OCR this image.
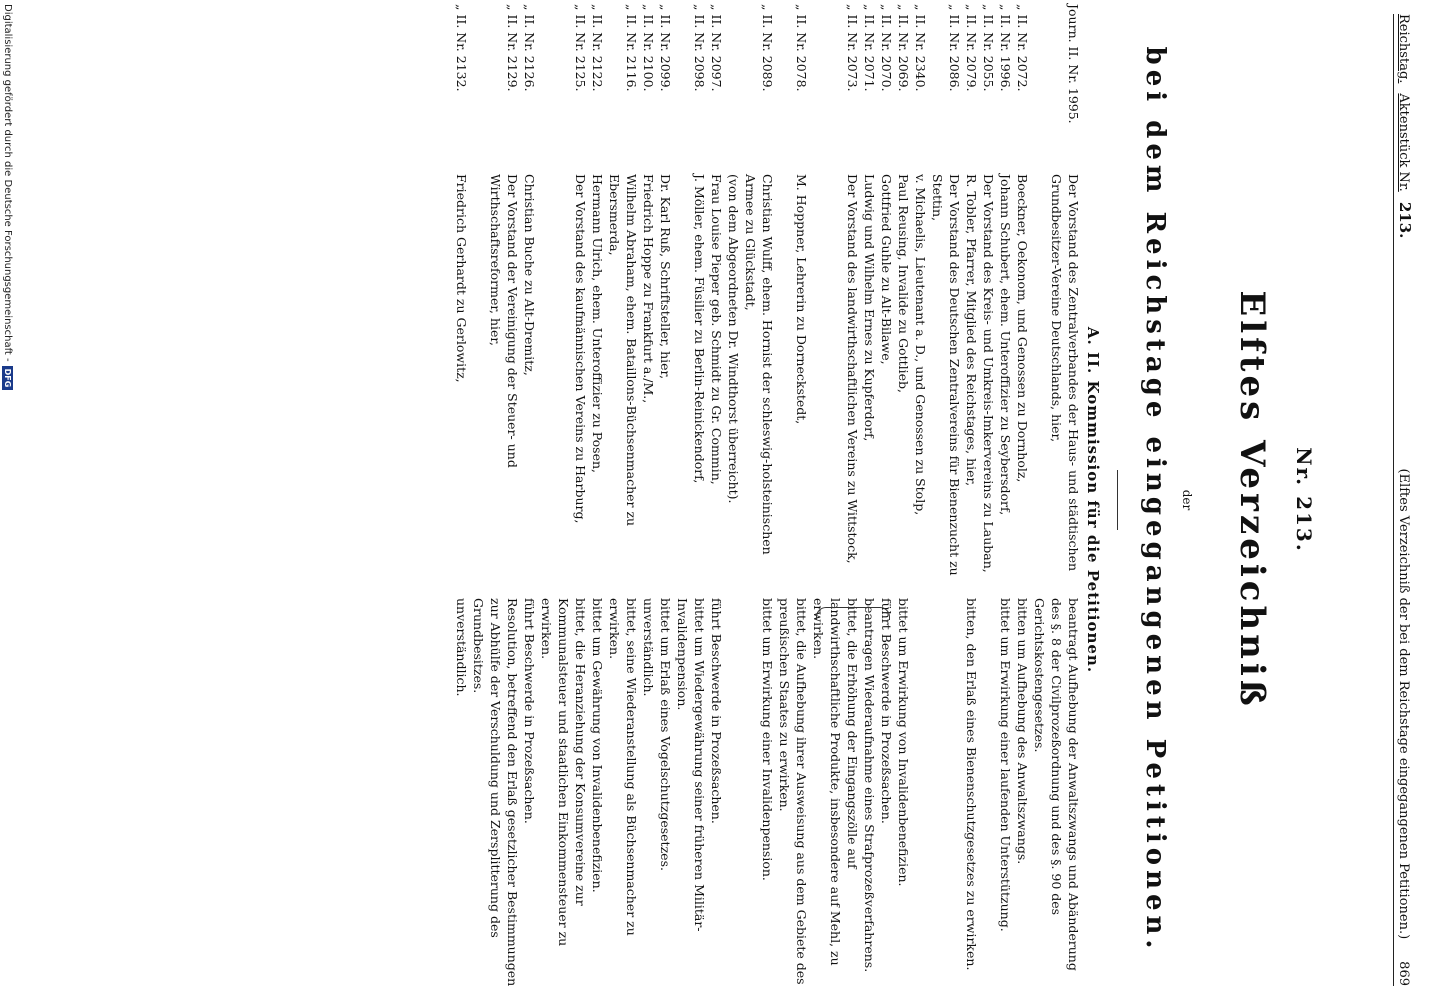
Reichstag.
Aktenstück Nr.
213.
(Elftes Verzeichniß der bei dem Reichstage eingegangenen Petitionen.)
869
Nr. 213.
Elftes Verzeichniß
der
bei dem Reichstage eingegangenen Petitionen.
A. II. Kommission für die Petitionen.
Journ. II. Nr. 1995.
Der Vorstand des Zentralverbandes der Haus- und städtischen Grundbesitzer-Vereine Deutschlands, hier,
beantragt Aufhebung der Anwaltszwangs und Abänderung des §. 8 der Civilprozeßordnung und des §. 90 des Gerichtskostengesetzes.
„ II. Nr. 2072.
Boeckner, Oekonom, und Genossen zu Dornholz,
bitten um Aufhebung des Anwaltszwangs.
„ II. Nr. 1996.
Johann Schubert, ehem. Unteroffizier zu Seybersdorf,
bittet um Erwirkung einer laufenden Unterstützung.
„ II. Nr. 2055.
Der Vorstand des Kreis- und Umkreis-Imkervereins zu Lauban,
„ II. Nr. 2079.
R. Tobler, Pfarrer, Mitglied des Reichstages, hier,
bitten, den Erlaß eines Bienenschutzgesetzes zu erwirken.
„ II. Nr. 2086.
Der Vorstand des Deutschen Zentralvereins für Bienenzucht zu Stettin,
„ II. Nr. 2340.
v. Michaelis, Lieutenant a. D., und Genossen zu Stolp,
„ II. Nr. 2069.
Paul Reusing, Invalide zu Gottlieb,
bittet um Erwirkung von Invalidenbenefizien.
„ II. Nr. 2070.
Gottfried Guhle zu Alt-Bilawe,
führt Beschwerde in Prozeßsachen.
„ II. Nr. 2071.
Ludwig und Wilhelm Ernes zu Kupferdorf,
beantragen Wiederaufnahme eines Strafprozeßverfahrens.
„ II. Nr. 2073.
Der Vorstand des landwirthschaftlichen Vereins zu Wittstock,
bittet, die Erhöhung der Eingangszölle auf landwirthschaftliche Produkte, insbesondere auf Mehl, zu erwirken.
„ II. Nr. 2078.
M. Hoppner, Lehrerin zu Dorneckstedt,
bittet, die Aufhebung ihrer Ausweisung aus dem Gebiete des preußischen Staates zu erwirken.
„ II. Nr. 2089.
Christian Wulff, ehem. Hornist der schleswig-holsteinischen Armee zu Glückstadt,
bittet um Erwirkung einer Invalidenpension.
(von dem Abgeordneten Dr. Windthorst überreicht).
„ II. Nr. 2097.
Frau Louise Pieper geb. Schmidt zu Gr. Commin,
führt Beschwerde in Prozeßsachen.
„ II. Nr. 2098.
J. Möller, ehem. Füsilier zu Berlin-Reinickendorf,
bittet um Wiedergewährung seiner früheren Militär-Invalidenpension.
„ II. Nr. 2099.
Dr. Karl Ruß, Schriftsteller, hier,
bittet um Erlaß eines Vogelschutzgesetzes.
„ II. Nr. 2100.
Friedrich Hoppe zu Frankfurt a./M.,
unverständlich.
„ II. Nr. 2116.
Wilhelm Abraham, ehem. Bataillons-Büchsenmacher zu Ebersmerda,
bittet, seine Wiederanstellung als Büchsenmacher zu erwirken.
„ II. Nr. 2122.
Hermann Ulrich, ehem. Unteroffizier zu Posen,
bittet um Gewährung von Invalidenbenefizien.
„ II. Nr. 2125.
Der Vorstand des kaufmännischen Vereins zu Harburg,
bittet, die Heranziehung der Konsumvereine zur Kommunalsteuer und staatlichen Einkommensteuer zu erwirken.
„ II. Nr. 2126.
Christian Buche zu Alt-Dremitz,
führt Beschwerde in Prozeßsachen.
„ II. Nr. 2129.
Der Vorstand der Vereinigung der Steuer- und Wirthschaftsreformer, hier,
Resolution, betreffend den Erlaß gesetzlicher Bestimmungen zur Abhülfe der Verschuldung und Zersplitterung des Grundbesitzes.
„ II. Nr. 2132.
Friedrich Gerhardt zu Gerlowitz,
unverständlich.
Digitalisierung gefördert durch die Deutsche Forschungsgemeinschaft -
DFG
